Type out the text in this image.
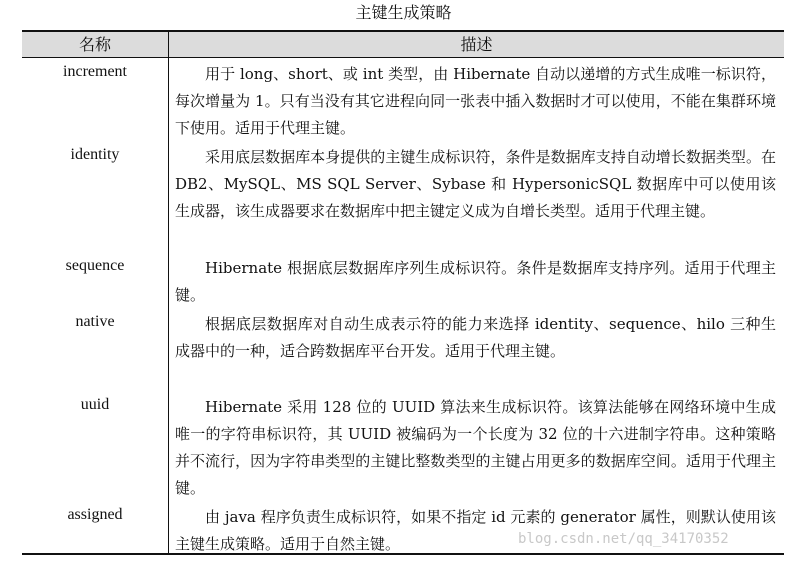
主键生成策略
名称	描述
increment	用于 long、short、或 int 类型，由 Hibernate 自动以递增的方式生成唯一标识符，每次增量为 1。只有当没有其它进程向同一张表中插入数据时才可以使用，不能在集群环境下使用。适用于代理主键。
identity	采用底层数据库本身提供的主键生成标识符，条件是数据库支持自动增长数据类型。在 DB2、MySQL、MS SQL Server、Sybase 和 HypersonicSQL 数据库中可以使用该生成器，该生成器要求在数据库中把主键定义成为自增长类型。适用于代理主键。
sequence	Hibernate 根据底层数据库序列生成标识符。条件是数据库支持序列。适用于代理主键。
native	根据底层数据库对自动生成表示符的能力来选择 identity、sequence、hilo 三种生成器中的一种，适合跨数据库平台开发。适用于代理主键。
uuid	Hibernate 采用 128 位的 UUID 算法来生成标识符。该算法能够在网络环境中生成唯一的字符串标识符，其 UUID 被编码为一个长度为 32 位的十六进制字符串。这种策略并不流行，因为字符串类型的主键比整数类型的主键占用更多的数据库空间。适用于代理主键。
assigned	由 java 程序负责生成标识符，如果不指定 id 元素的 generator 属性，则默认使用该主键生成策略。适用于自然主键。	blog.csdn.net/qq_34170352
